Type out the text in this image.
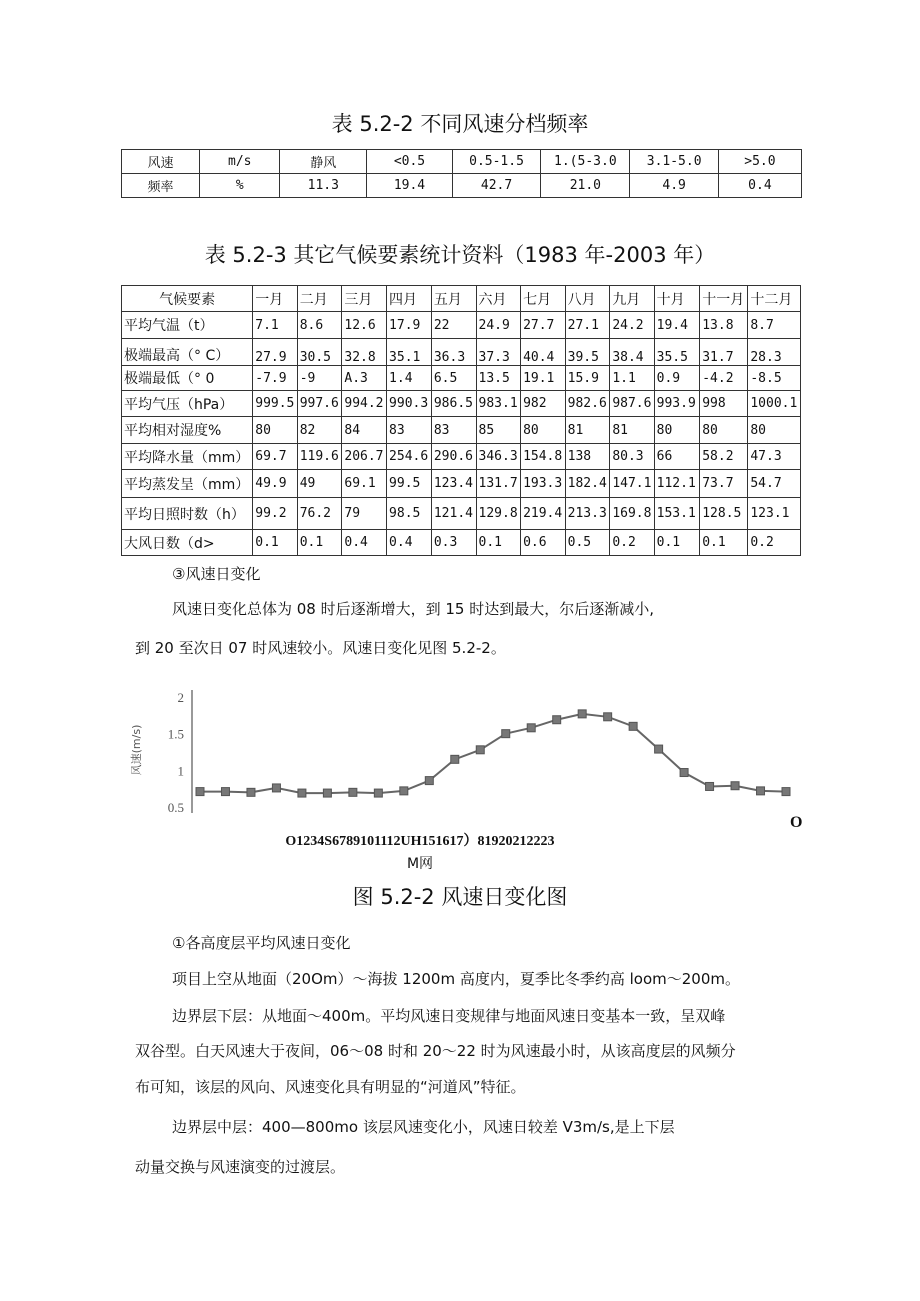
表 5.2-2 不同风速分档频率
风速	m/s	静风	<0.5	0.5-1.5	1.(5-3.0	3.1-5.0	>5.0
频率	%	11.3	19.4	42.7	21.0	4.9	0.4
表 5.2-3 其它气候要素统计资料（1983 年-2003 年）
气候要素	一月	二月	三月	四月	五月	六月	七月	八月	九月	十月	十一月	十二月
平均气温（t）	7.1	8.6	12.6	17.9	22	24.9	27.7	27.1	24.2	19.4	13.8	8.7
极端最高（° C）	27.9	30.5	32.8	35.1	36.3	37.3	40.4	39.5	38.4	35.5	31.7	28.3
极端最低（° 0	-7.9	-9	A.3	1.4	6.5	13.5	19.1	15.9	1.1	0.9	-4.2	-8.5
平均气压（hPa）	999.5	997.6	994.2	990.3	986.5	983.1	982	982.6	987.6	993.9	998	1000.1
平均相对湿度%	80	82	84	83	83	85	80	81	81	80	80	80
平均降水量（mm）	69.7	119.6	206.7	254.6	290.6	346.3	154.8	138	80.3	66	58.2	47.3
平均蒸发呈（mm）	49.9	49	69.1	99.5	123.4	131.7	193.3	182.4	147.1	112.1	73.7	54.7
平均日照时数（h）	99.2	76.2	79	98.5	121.4	129.8	219.4	213.3	169.8	153.1	128.5	123.1
大风日数（d>	0.1	0.1	0.4	0.4	0.3	0.1	0.6	0.5	0.2	0.1	0.1	0.2
③风速日变化
风速日变化总体为 08 时后逐渐增大，到 15 时达到最大，尔后逐渐减小,
到 20 至次日 07 时风速较小。风速日变化见图 5.2-2。
2
1.5
1
0.5
风速(m/s)
O
O1234S6789101112UH151617）81920212223
M网
图 5.2-2 风速日变化图
①各高度层平均风速日变化
项目上空从地面（20Om）～海拔 1200m 高度内，夏季比冬季约高 loom～200m。
边界层下层：从地面～400m。平均风速日变规律与地面风速日变基本一致，呈双峰
双谷型。白天风速大于夜间，06～08 时和 20～22 时为风速最小时，从该高度层的风频分
布可知，该层的风向、风速变化具有明显的“河道风”特征。
边界层中层：400—800mo 该层风速变化小，风速日较差 V3m∕s,是上下层
动量交换与风速演变的过渡层。
